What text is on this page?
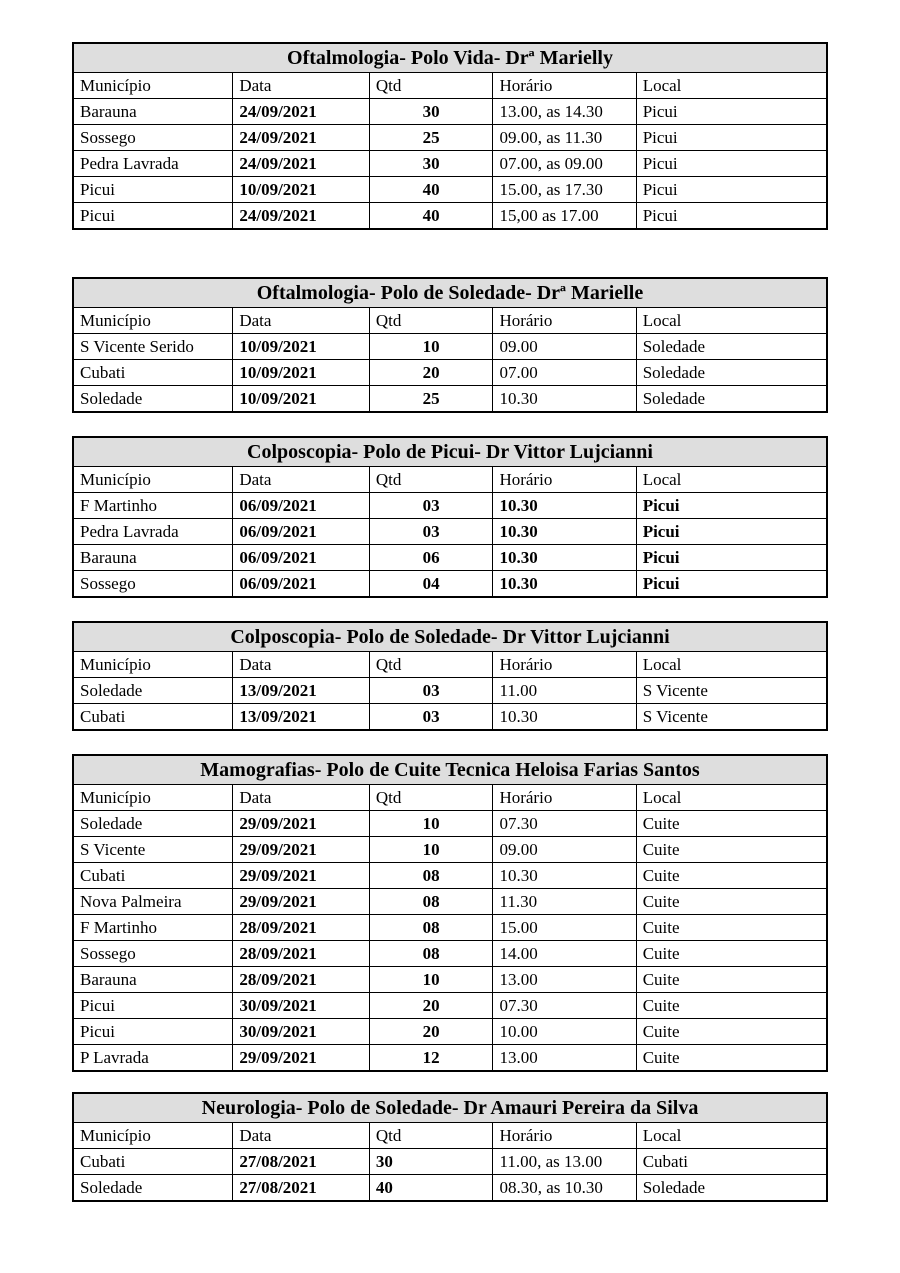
Oftalmologia- Polo Vida- Drª Marielly				
Município	Data	Qtd	Horário	Local
Barauna	24/09/2021	30	13.00, as 14.30	Picui
Sossego	24/09/2021	25	09.00, as 11.30	Picui
Pedra Lavrada	24/09/2021	30	07.00, as 09.00	Picui
Picui	10/09/2021	40	15.00, as 17.30	Picui
Picui	24/09/2021	40	15,00 as 17.00	Picui
Oftalmologia- Polo de Soledade- Drª Marielle				
Município	Data	Qtd	Horário	Local
S Vicente Serido	10/09/2021	10	09.00	Soledade
Cubati	10/09/2021	20	07.00	Soledade
Soledade	10/09/2021	25	10.30	Soledade
Colposcopia- Polo de Picui- Dr Vittor Lujcianni				
Município	Data	Qtd	Horário	Local
F Martinho	06/09/2021	03	10.30	Picui
Pedra Lavrada	06/09/2021	03	10.30	Picui
Barauna	06/09/2021	06	10.30	Picui
Sossego	06/09/2021	04	10.30	Picui
Colposcopia- Polo de Soledade- Dr Vittor Lujcianni				
Município	Data	Qtd	Horário	Local
Soledade	13/09/2021	03	11.00	S Vicente
Cubati	13/09/2021	03	10.30	S Vicente
Mamografias- Polo de Cuite Tecnica Heloisa Farias Santos				
Município	Data	Qtd	Horário	Local
Soledade	29/09/2021	10	07.30	Cuite
S Vicente	29/09/2021	10	09.00	Cuite
Cubati	29/09/2021	08	10.30	Cuite
Nova Palmeira	29/09/2021	08	11.30	Cuite
F Martinho	28/09/2021	08	15.00	Cuite
Sossego	28/09/2021	08	14.00	Cuite
Barauna	28/09/2021	10	13.00	Cuite
Picui	30/09/2021	20	07.30	Cuite
Picui	30/09/2021	20	10.00	Cuite
P Lavrada	29/09/2021	12	13.00	Cuite
Neurologia- Polo de Soledade- Dr Amauri Pereira da Silva				
Município	Data	Qtd	Horário	Local
Cubati	27/08/2021	30	11.00, as 13.00	Cubati
Soledade	27/08/2021	40	08.30, as 10.30	Soledade
